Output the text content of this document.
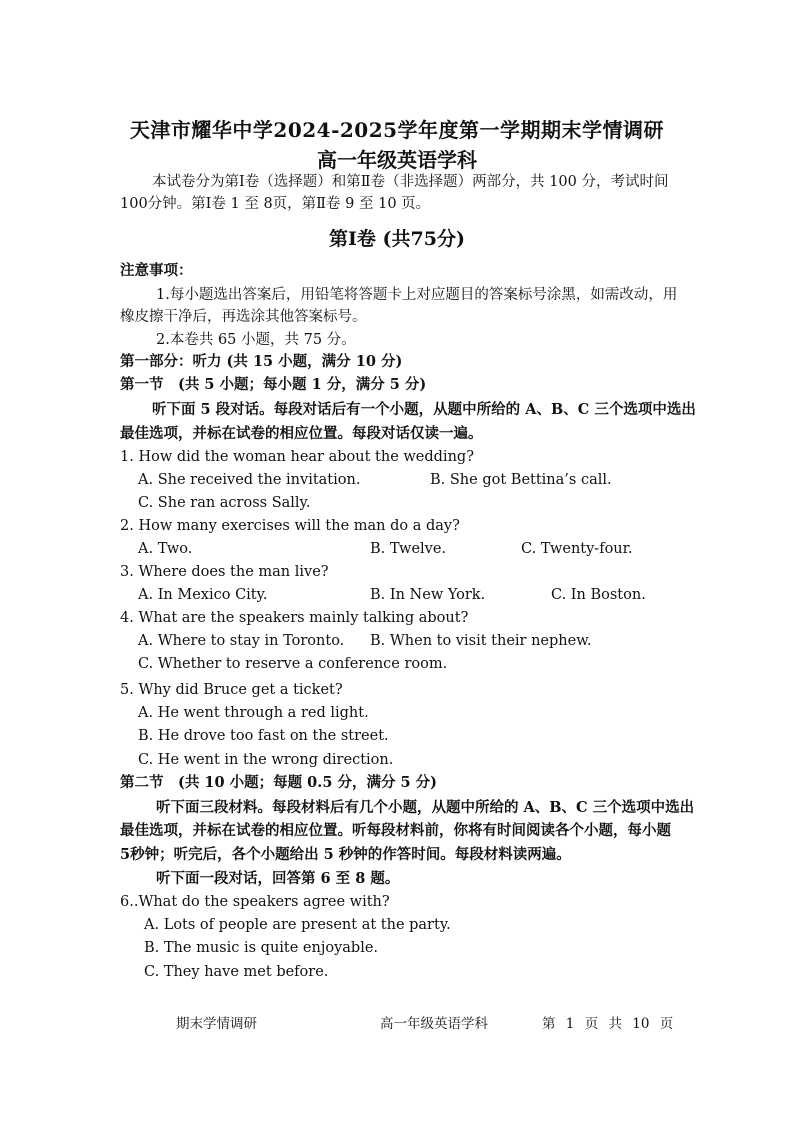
天津市耀华中学2024-2025学年度第一学期期末学情调研
高一年级英语学科
本试卷分为第Ⅰ卷（选择题）和第Ⅱ卷（非选择题）两部分，共 100 分，考试时间
100分钟。第Ⅰ卷 1 至 8页，第Ⅱ卷 9 至 10 页。
第Ⅰ卷 (共75分)
注意事项：
1.每小题选出答案后，用铅笔将答题卡上对应题目的答案标号涂黑，如需改动，用
橡皮擦干净后，再选涂其他答案标号。
2.本卷共 65 小题，共 75 分。
第一部分：听力 (共 15 小题，满分 10 分)
第一节　(共 5 小题；每小题 1 分，满分 5 分)
听下面 5 段对话。每段对话后有一个小题，从题中所给的 A、B、C 三个选项中选出
最佳选项，并标在试卷的相应位置。每段对话仅读一遍。
1. How did the woman hear about the wedding?
A. She received the invitation.	B. She got Bettina’s call.
C. She ran across Sally.
2. How many exercises will the man do a day?
A. Two.	B. Twelve.	C. Twenty-four.
3. Where does the man live?
A. In Mexico City.	B. In New York.	C. In Boston.
4. What are the speakers mainly talking about?
A. Where to stay in Toronto. B. When to visit their nephew.
C. Whether to reserve a conference room.
5. Why did Bruce get a ticket?
A. He went through a red light.
B. He drove too fast on the street.
C. He went in the wrong direction.
第二节　(共 10 小题；每题 0.5 分，满分 5 分)
听下面三段材料。每段材料后有几个小题，从题中所给的 A、B、C 三个选项中选出
最佳选项，并标在试卷的相应位置。听每段材料前，你将有时间阅读各个小题，每小题
5秒钟；听完后，各个小题给出 5 秒钟的作答时间。每段材料读两遍。
听下面一段对话，回答第 6 至 8 题。
6..What do the speakers agree with?
A. Lots of people are present at the party.
B. The music is quite enjoyable.
C. They have met before.
期末学情调研	高一年级英语学科	第 1 页 共 10 页
